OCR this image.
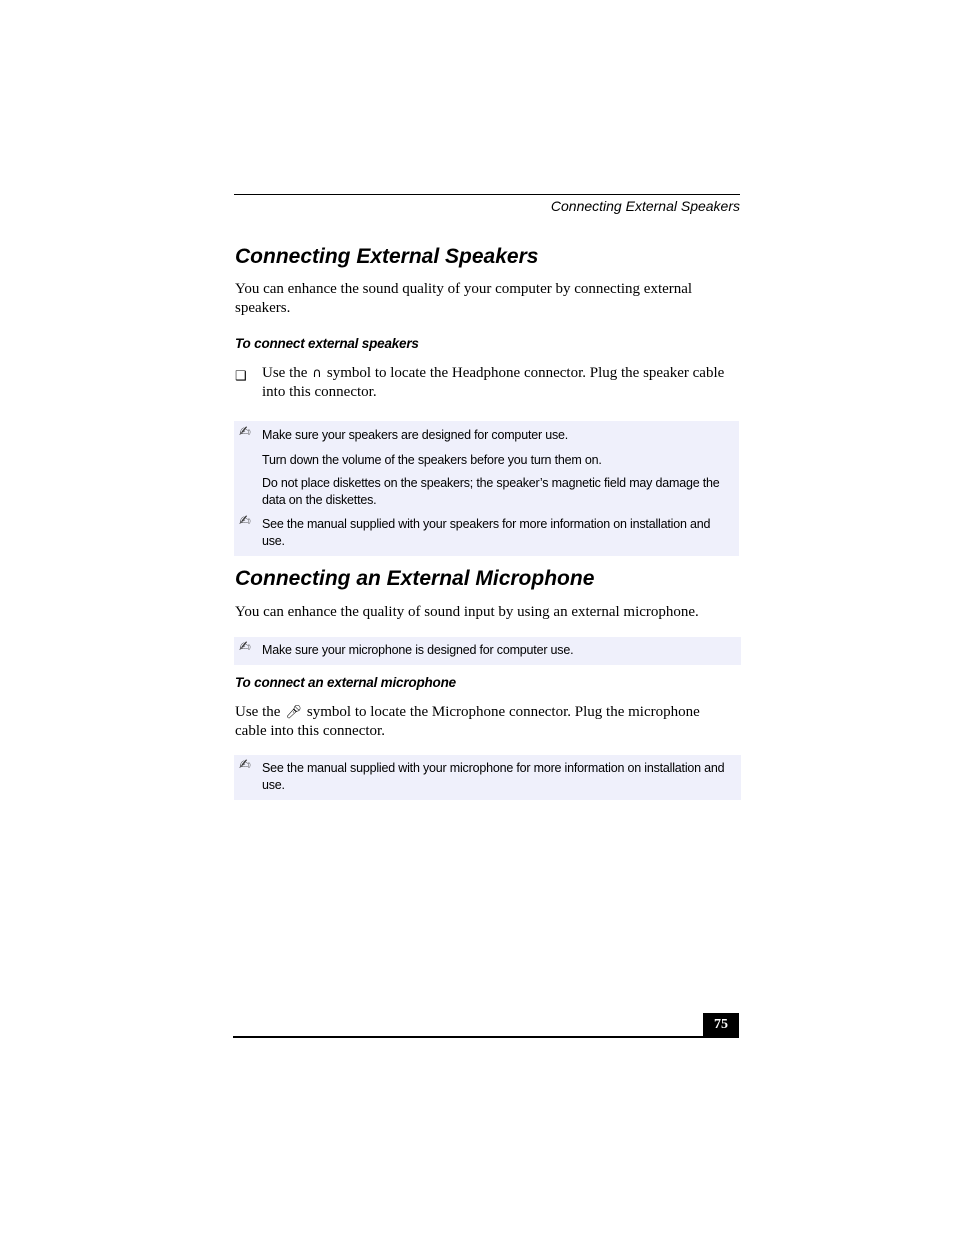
Connecting External Speakers
Connecting External Speakers

You can enhance the sound quality of your computer by connecting external speakers.

To connect external speakers
❑ Use the ∩ symbol to locate the Headphone connector. Plug the speaker cable into this connector.

✍ Make sure your speakers are designed for computer use.

Turn down the volume of the speakers before you turn them on.

Do not place diskettes on the speakers; the speaker’s magnetic field may damage the data on the diskettes.

✍ See the manual supplied with your speakers for more information on installation and use.

Connecting an External Microphone

You can enhance the quality of sound input by using an external microphone.

✍ Make sure your microphone is designed for computer use.

To connect an external microphone

Use the 🎤︎ symbol to locate the Microphone connector. Plug the microphone cable into this connector.

✍ See the manual supplied with your microphone for more information on installation and use.

75
